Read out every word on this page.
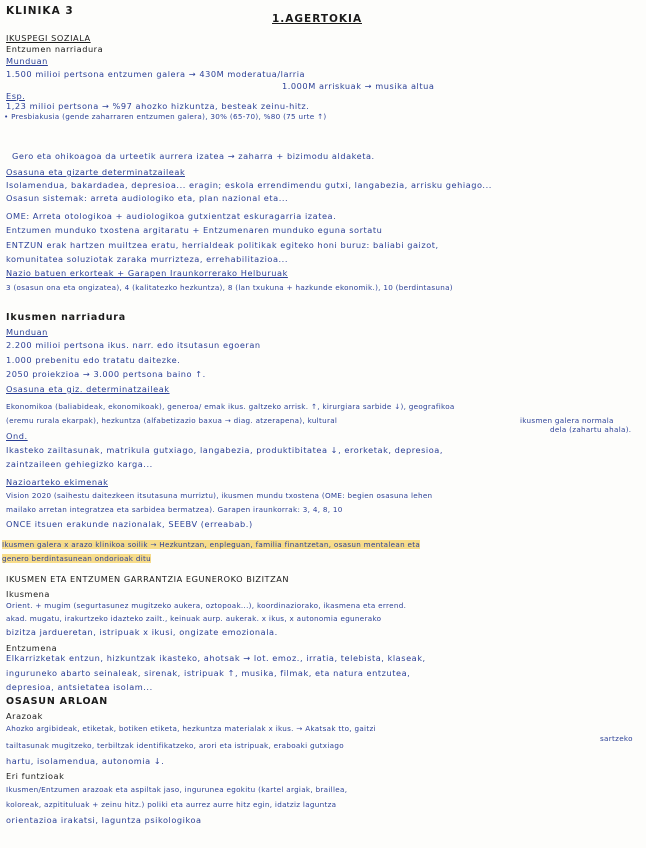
KLINIKA 3
1.AGERTOKIA
IKUSPEGI SOZIALA
Entzumen narriadura
Munduan
1.500 milioi pertsona entzumen galera → 430M moderatua/larria
1.000M arriskuak → musika altua
Esp.
1,23 milioi pertsona → %97 ahozko hizkuntza, besteak zeinu-hitz.
• Presbiakusia (gende zaharraren entzumen galera), 30% (65-70), %80 (75 urte ↑)
Gero eta ohikoagoa da urteetik aurrera izatea → zaharra + bizimodu aldaketa.
Osasuna eta gizarte determinatzaileak
Isolamendua, bakardadea, depresioa... eragin; eskola errendimendu gutxi, langabezia, arrisku gehiago...
Osasun sistemak: arreta audiologiko eta, plan nazional eta...
OME: Arreta otologikoa + audiologikoa gutxientzat eskuragarria izatea.
Entzumen munduko txostena argitaratu + Entzumenaren munduko eguna sortatu
ENTZUN erak hartzen muiltzea eratu, herrialdeak politikak egiteko honi buruz: baliabi gaizot,
komunitatea soluziotak zaraka murrizteza, errehabilitazioa...
Nazio batuen erkorteak + Garapen Iraunkorrerako Helburuak
3 (osasun ona eta ongizatea), 4 (kalitatezko hezkuntza), 8 (lan txukuna + hazkunde ekonomik.), 10 (berdintasuna)
Ikusmen narriadura
Munduan
2.200 milioi pertsona ikus. narr. edo itsutasun egoeran
1.000 prebenitu edo tratatu daitezke.
2050 proiekzioa → 3.000 pertsona baino ↑.
Osasuna eta giz. determinatzaileak
Ekonomikoa (baliabideak, ekonomikoak), generoa/ emak ikus. galtzeko arrisk. ↑, kirurgiara sarbide ↓), geografikoa
(eremu rurala ekarpak), hezkuntza (alfabetizazio baxua → diag. atzerapena), kultural	ikusmen galera normala
dela (zahartu ahala).
Ond.
Ikasteko zailtasunak, matrikula gutxiago, langabezia, produktibitatea ↓, erorketak, depresioa,
zaintzaileen gehiegizko karga...
Nazioarteko ekimenak
Vision 2020 (saihestu daitezkeen itsutasuna murriztu), ikusmen mundu txostena (OME: begien osasuna lehen
mailako arretan integratzea eta sarbidea bermatzea). Garapen iraunkorrak: 3, 4, 8, 10
ONCE itsuen erakunde nazionalak, SEEBV (erreabab.)
Ikusmen galera x arazo klinikoa soilik → Hezkuntzan, enpleguan, familia finantzetan, osasun mentalean eta
genero berdintasunean ondorioak ditu
IKUSMEN ETA ENTZUMEN GARRANTZIA EGUNEROKO BIZITZAN
Ikusmena
Orient. + mugim (segurtasunez mugitzeko aukera, oztopoak...), koordinaziorako, ikasmena eta errend.
akad. mugatu, irakurtzeko idazteko zailt., keinuak aurp. aukerak. x ikus, x autonomia egunerako
bizitza jardueretan, istripuak x ikusi, ongizate emozionala.
Entzumena
Elkarrizketak entzun, hizkuntzak ikasteko, ahotsak → lot. emoz., irratia, telebista, klaseak,
inguruneko abarto seinaleak, sirenak, istripuak ↑, musika, filmak, eta natura entzutea,
depresioa, antsietatea isolam...
OSASUN ARLOAN
Arazoak
Ahozko argibideak, etiketak, botiken etiketa, hezkuntza materialak x ikus. → Akatsak tto, gaitzi
sartzeko
tailtasunak mugitzeko, terbiltzak identifikatzeko, arori eta istripuak, eraboaki gutxiago
hartu, isolamendua, autonomia ↓.
Eri funtzioak
Ikusmen/Entzumen arazoak eta aspiltak jaso, ingurunea egokitu (kartel argiak, braillea,
koloreak, azpitituluak + zeinu hitz.) poliki eta aurrez aurre hitz egin, idatziz laguntza
orientazioa irakatsi, laguntza psikologikoa
